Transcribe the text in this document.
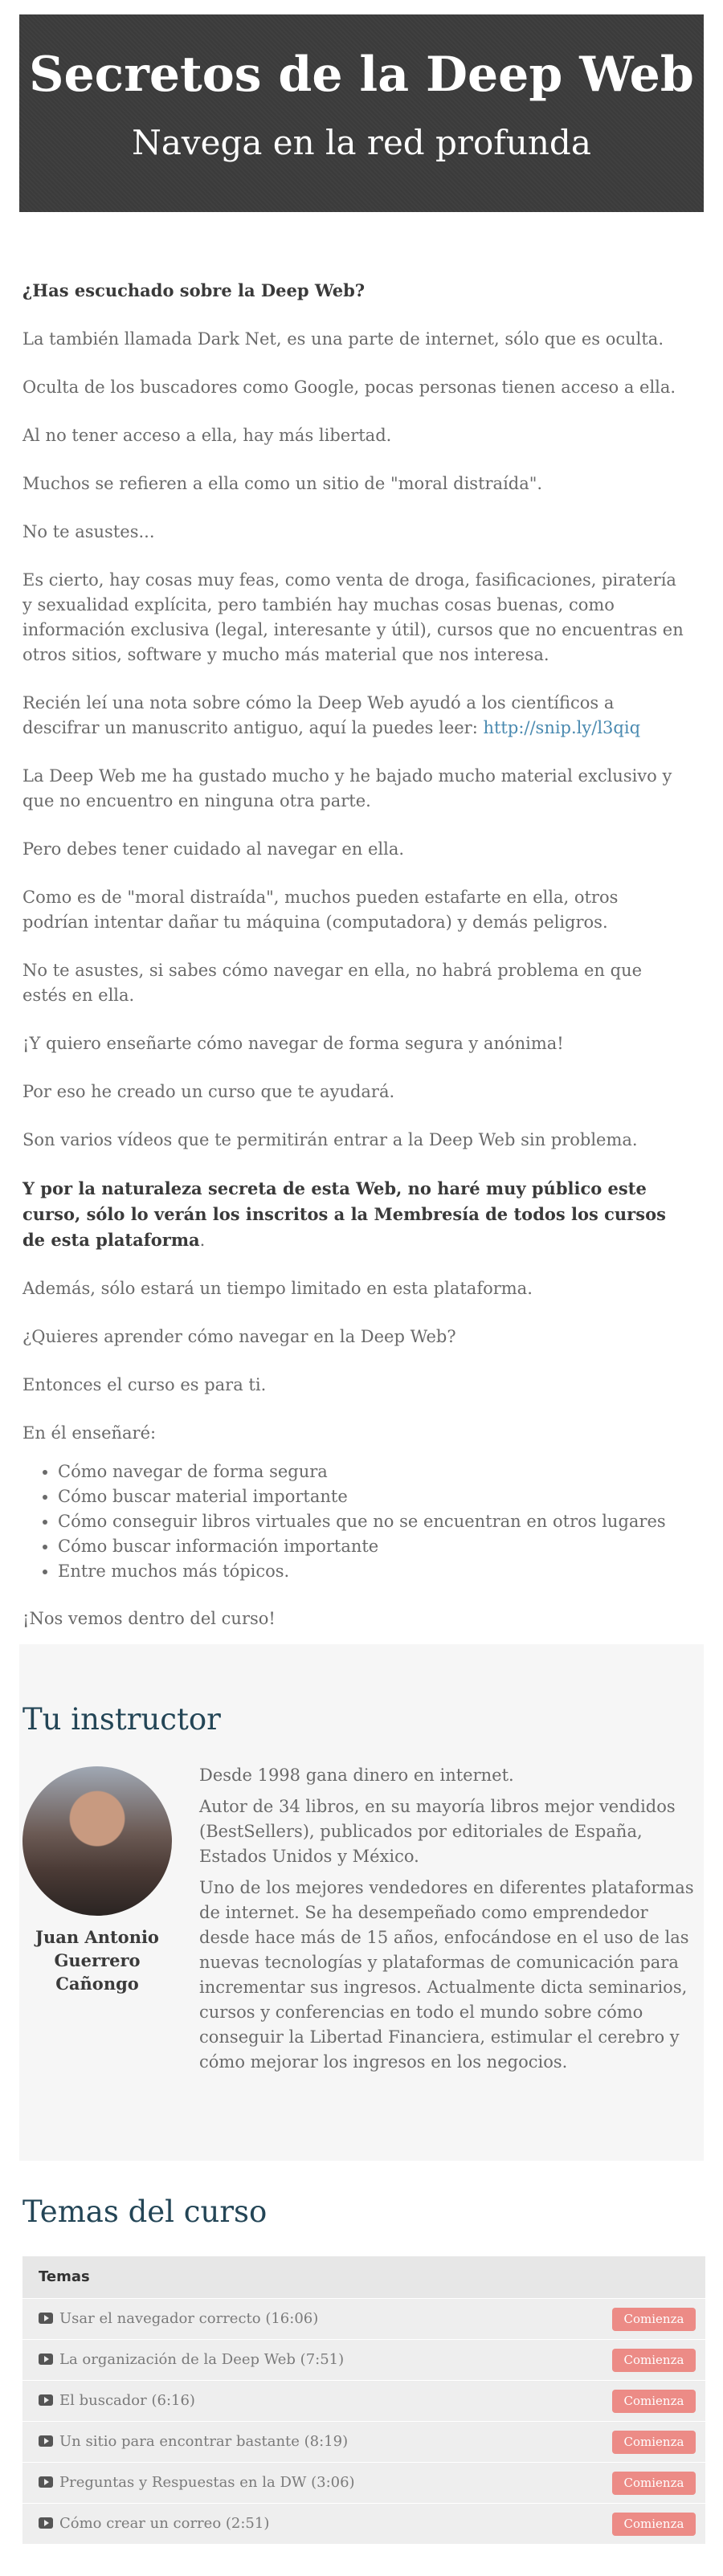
Secretos de la Deep Web
Navega en la red profunda

¿Has escuchado sobre la Deep Web?

La también llamada Dark Net, es una parte de internet, sólo que es oculta.

Oculta de los buscadores como Google, pocas personas tienen acceso a ella.

Al no tener acceso a ella, hay más libertad.

Muchos se refieren a ella como un sitio de "moral distraída".

No te asustes...

Es cierto, hay cosas muy feas, como venta de droga, fasificaciones, piratería y sexualidad explícita, pero también hay muchas cosas buenas, como información exclusiva (legal, interesante y útil), cursos que no encuentras en otros sitios, software y mucho más material que nos interesa.

Recién leí una nota sobre cómo la Deep Web ayudó a los científicos a descifrar un manuscrito antiguo, aquí la puedes leer: http://snip.ly/l3qiq

La Deep Web me ha gustado mucho y he bajado mucho material exclusivo y que no encuentro en ninguna otra parte.

Pero debes tener cuidado al navegar en ella.

Como es de "moral distraída", muchos pueden estafarte en ella, otros podrían intentar dañar tu máquina (computadora) y demás peligros.

No te asustes, si sabes cómo navegar en ella, no habrá problema en que estés en ella.

¡Y quiero enseñarte cómo navegar de forma segura y anónima!

Por eso he creado un curso que te ayudará.

Son varios vídeos que te permitirán entrar a la Deep Web sin problema.

Y por la naturaleza secreta de esta Web, no haré muy público este curso, sólo lo verán los inscritos a la Membresía de todos los cursos de esta plataforma.

Además, sólo estará un tiempo limitado en esta plataforma.

¿Quieres aprender cómo navegar en la Deep Web?

Entonces el curso es para ti.

En él enseñaré:

• Cómo navegar de forma segura
• Cómo buscar material importante
• Cómo conseguir libros virtuales que no se encuentran en otros lugares
• Cómo buscar información importante
• Entre muchos más tópicos.

¡Nos vemos dentro del curso!

Tu instructor
Juan Antonio Guerrero Cañongo

Desde 1998 gana dinero en internet.

Autor de 34 libros, en su mayoría libros mejor vendidos (BestSellers), publicados por editoriales de España, Estados Unidos y México.

Uno de los mejores vendedores en diferentes plataformas de internet. Se ha desempeñado como emprendedor desde hace más de 15 años, enfocándose en el uso de las nuevas tecnologías y plataformas de comunicación para incrementar sus ingresos. Actualmente dicta seminarios, cursos y conferencias en todo el mundo sobre cómo conseguir la Libertad Financiera, estimular el cerebro y cómo mejorar los ingresos en los negocios.

Temas del curso
Temas
Usar el navegador correcto (16:06)	Comienza
La organización de la Deep Web (7:51)	Comienza
El buscador (6:16)	Comienza
Un sitio para encontrar bastante (8:19)	Comienza
Preguntas y Respuestas en la DW (3:06)	Comienza
Cómo crear un correo (2:51)	Comienza
